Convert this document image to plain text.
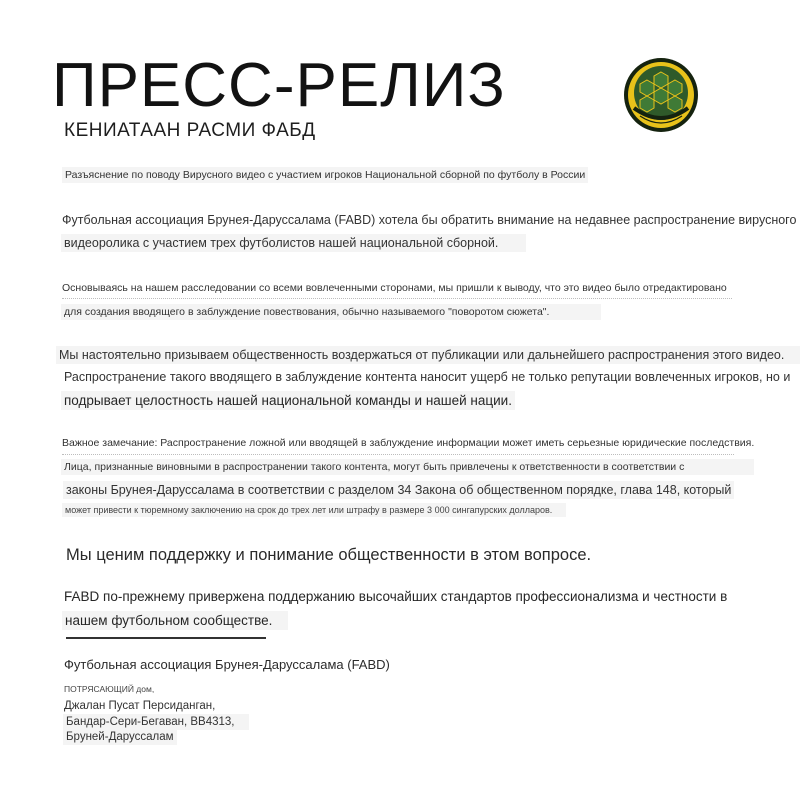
ПРЕСС-РЕЛИЗ
КЕНИАТААН РАСМИ ФАБД
Разъяснение по поводу Вирусного видео с участием игроков Национальной сборной по футболу в России
Футбольная ассоциация Брунея-Даруссалама (FABD) хотела бы обратить внимание на недавнее распространение вирусного
видеоролика с участием трех футболистов нашей национальной сборной.
Основываясь на нашем расследовании со всеми вовлеченными сторонами, мы пришли к выводу, что это видео было отредактировано
для создания вводящего в заблуждение повествования, обычно называемого "поворотом сюжета".
Мы настоятельно призываем общественность воздержаться от публикации или дальнейшего распространения этого видео.
Распространение такого вводящего в заблуждение контента наносит ущерб не только репутации вовлеченных игроков, но и
подрывает целостность нашей национальной команды и нашей нации.
Важное замечание: Распространение ложной или вводящей в заблуждение информации может иметь серьезные юридические последствия.
Лица, признанные виновными в распространении такого контента, могут быть привлечены к ответственности в соответствии с
законы Брунея-Даруссалама в соответствии с разделом 34 Закона об общественном порядке, глава 148, который
может привести к тюремному заключению на срок до трех лет или штрафу в размере 3 000 сингапурских долларов.
Мы ценим поддержку и понимание общественности в этом вопросе.
FABD по-прежнему привержена поддержанию высочайших стандартов профессионализма и честности в
нашем футбольном сообществе.
Футбольная ассоциация Брунея-Даруссалама (FABD)
ПОТРЯСАЮЩИЙ дом,
Джалан Пусат Персиданган,
Бандар-Сери-Бегаван, BB4313,
Бруней-Даруссалам
